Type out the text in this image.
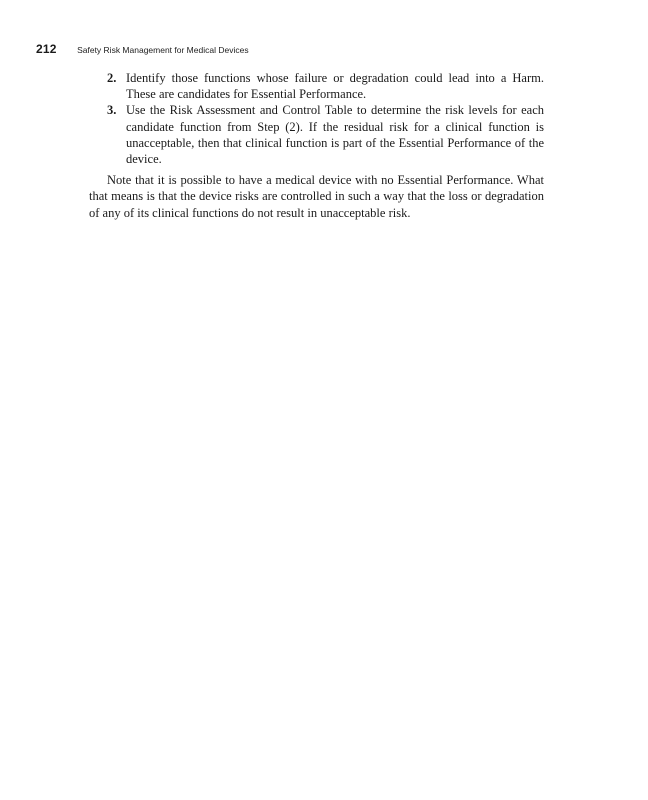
212 Safety Risk Management for Medical Devices
2. Identify those functions whose failure or degradation could lead into a Harm. These are candidates for Essential Performance.
3. Use the Risk Assessment and Control Table to determine the risk levels for each candidate function from Step (2). If the residual risk for a clinical function is unacceptable, then that clinical function is part of the Essential Performance of the device.

Note that it is possible to have a medical device with no Essential Performance. What that means is that the device risks are controlled in such a way that the loss or degradation of any of its clinical functions do not result in unacceptable risk.
